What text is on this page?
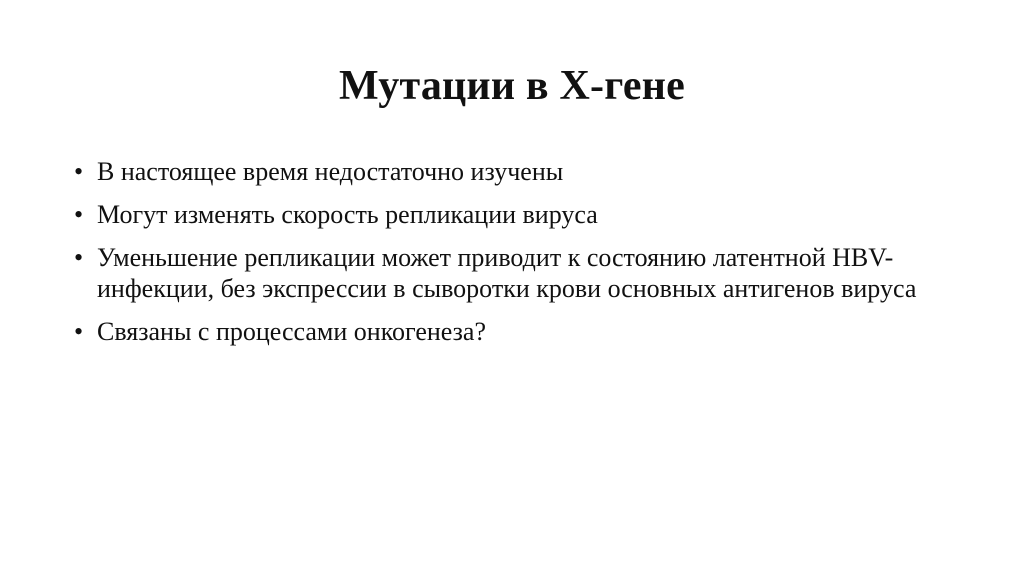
Мутации в Х-гене
• В настоящее время недостаточно изучены
• Могут изменять скорость репликации вируса
• Уменьшение репликации может приводит к состоянию латентной HBV-инфекции, без экспрессии в сыворотки крови основных антигенов вируса
• Связаны с процессами онкогенеза?
